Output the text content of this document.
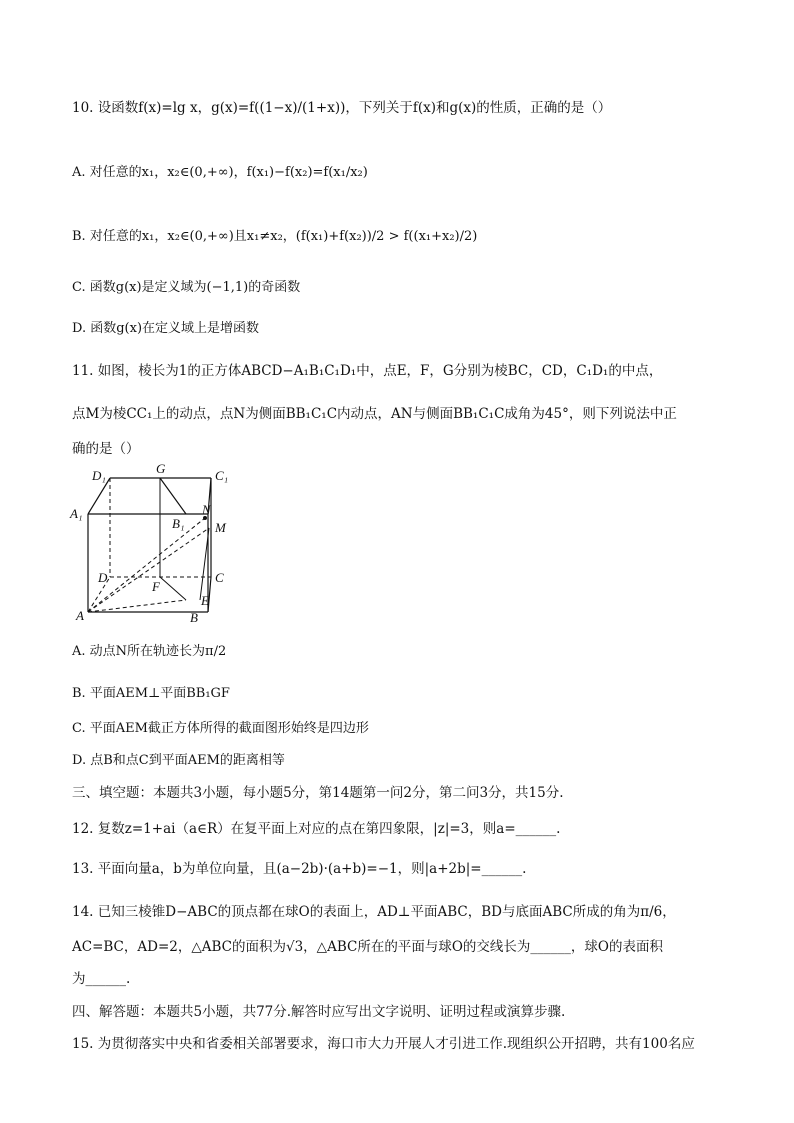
10. 设函数f(x)=lg x，g(x)=f((1−x)/(1+x))，下列关于f(x)和g(x)的性质，正确的是（）
A. 对任意的x₁，x₂∈(0,+∞)，f(x₁)−f(x₂)=f(x₁/x₂)
B. 对任意的x₁，x₂∈(0,+∞)且x₁≠x₂，(f(x₁)+f(x₂))/2 > f((x₁+x₂)/2)
C. 函数g(x)是定义域为(−1,1)的奇函数
D. 函数g(x)在定义域上是增函数
11. 如图，棱长为1的正方体ABCD−A₁B₁C₁D₁中，点E，F，G分别为棱BC，CD，C₁D₁的中点，
点M为棱CC₁上的动点，点N为侧面BB₁C₁C内动点，AN与侧面BB₁C₁C成角为45°，则下列说法中正
确的是（）
D₁	G	C₁
A₁
B₁
N
M
D	C
F
E
A	B
A. 动点N所在轨迹长为π/2
B. 平面AEM⊥平面BB₁GF
C. 平面AEM截正方体所得的截面图形始终是四边形
D. 点B和点C到平面AEM的距离相等
三、填空题：本题共3小题，每小题5分，第14题第一问2分，第二问3分，共15分.
12. 复数z=1+ai（a∈R）在复平面上对应的点在第四象限，|z|=3，则a=______.
13. 平面向量a，b为单位向量，且(a−2b)·(a+b)=−1，则|a+2b|=______.
14. 已知三棱锥D−ABC的顶点都在球O的表面上，AD⊥平面ABC，BD与底面ABC所成的角为π/6，
AC=BC，AD=2，△ABC的面积为√3，△ABC所在的平面与球O的交线长为______，球O的表面积
为______.
四、解答题：本题共5小题，共77分.解答时应写出文字说明、证明过程或演算步骤.
15. 为贯彻落实中央和省委相关部署要求，海口市大力开展人才引进工作.现组织公开招聘，共有100名应
